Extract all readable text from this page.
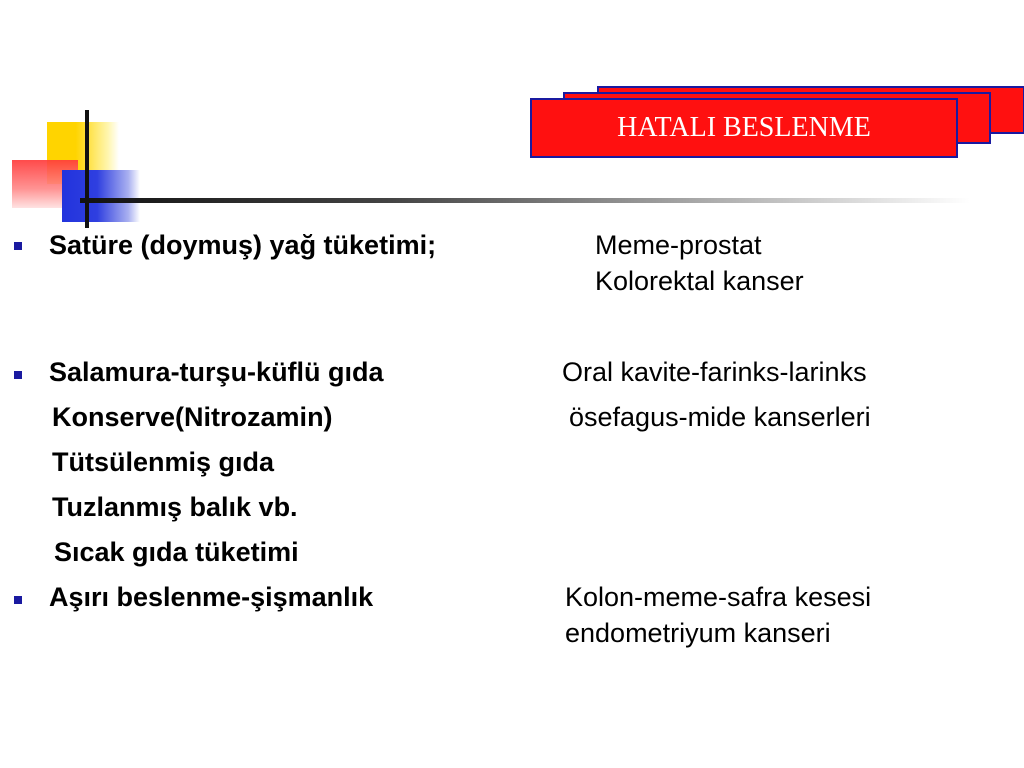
HATALI BESLENME
Satüre (doymuş) yağ tüketimi;	Meme-prostat
Kolorektal kanser
Salamura-turşu-küflü gıda	Oral kavite-farinks-larinks
Konserve(Nitrozamin)	ösefagus-mide kanserleri
Tütsülenmiş gıda
Tuzlanmış balık vb.
Sıcak gıda tüketimi
Aşırı beslenme-şişmanlık	Kolon-meme-safra kesesi
endometriyum kanseri
